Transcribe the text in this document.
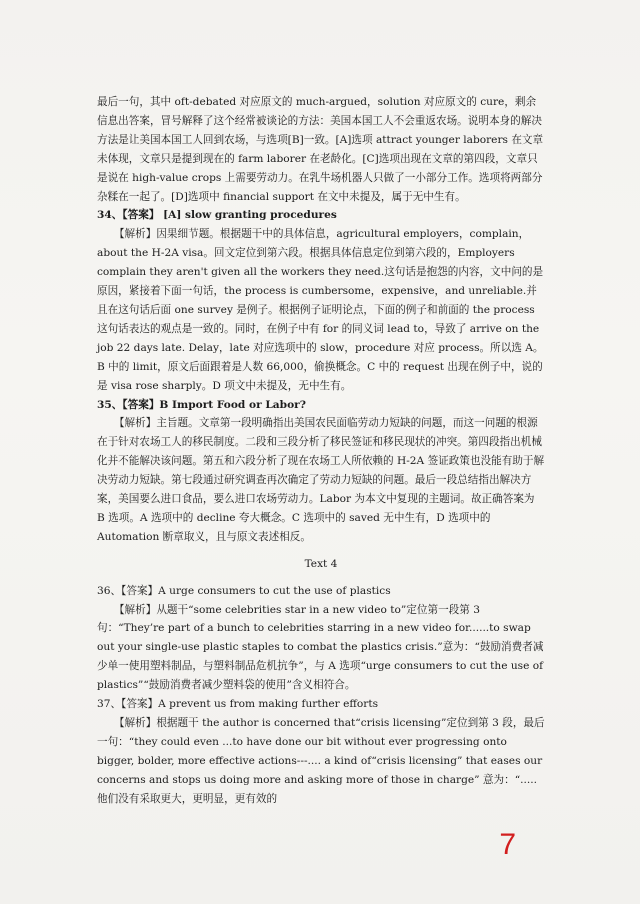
最后一句，其中 oft-debated 对应原文的 much-argued，solution 对应原文的 cure，剩余信息出答案，冒号解释了这个经常被谈论的方法：美国本国工人不会重返农场。说明本身的解决方法是让美国本国工人回到农场，与选项[B]一致。[A]选项 attract younger laborers 在文章未体现，文章只是提到现在的 farm laborer 在老龄化。[C]选项出现在文章的第四段，文章只是说在 high-value crops 上需要劳动力。在乳牛场机器人只做了一小部分工作。选项将两部分杂糅在一起了。[D]选项中 financial support 在文中未提及，属于无中生有。

34、【答案】 [A] slow granting procedures

【解析】因果细节题。根据题干中的具体信息，agricultural employers，complain，about the H-2A visa。回文定位到第六段。根据具体信息定位到第六段的，Employers complain they aren't given all the workers they need.这句话是抱怨的内容，文中问的是原因，紧接着下面一句话，the process is cumbersome，expensive，and unreliable.并且在这句话后面 one survey 是例子。根据例子证明论点，下面的例子和前面的 the process 这句话表达的观点是一致的。同时，在例子中有 for 的同义词 lead to，导致了 arrive on the job 22 days late. Delay，late 对应选项中的 slow，procedure 对应 process。所以选 A。 B 中的 limit，原文后面跟着是人数 66,000，偷换概念。C 中的 request 出现在例子中，说的是 visa rose sharply。D 项文中未提及，无中生有。

35、【答案】B Import Food or Labor?

【解析】主旨题。文章第一段明确指出美国农民面临劳动力短缺的问题，而这一问题的根源在于针对农场工人的移民制度。二段和三段分析了移民签证和移民现状的冲突。第四段指出机械化并不能解决该问题。第五和六段分析了现在农场工人所依赖的 H-2A 签证政策也没能有助于解决劳动力短缺。第七段通过研究调查再次确定了劳动力短缺的问题。最后一段总结指出解决方案，美国要么进口食品，要么进口农场劳动力。Labor 为本文中复现的主题词。故正确答案为 B 选项。A 选项中的 decline 夸大概念。C 选项中的 saved 无中生有，D 选项中的 Automation 断章取义，且与原文表述相反。

Text 4

36、【答案】A urge consumers to cut the use of plastics

【解析】从题干“some celebrities star in a new video to”定位第一段第 3 句：“They’re part of a bunch to celebrities starring in a new video for......to swap out your single-use plastic staples to combat the plastics crisis.”意为：“鼓励消费者减少单一使用塑料制品，与塑料制品危机抗争”，与 A 选项“urge consumers to cut the use of plastics”“鼓励消费者减少塑料袋的使用”含义相符合。

37、【答案】A prevent us from making further efforts

【解析】根据题干 the author is concerned that“crisis licensing”定位到第 3 段，最后一句：“they could even ...to have done our bit without ever progressing onto bigger, bolder, more effective actions---.... a kind of“crisis licensing” that eases our concerns and stops us doing more and asking more of those in charge” 意为：“.....他们没有采取更大，更明显，更有效的

7
